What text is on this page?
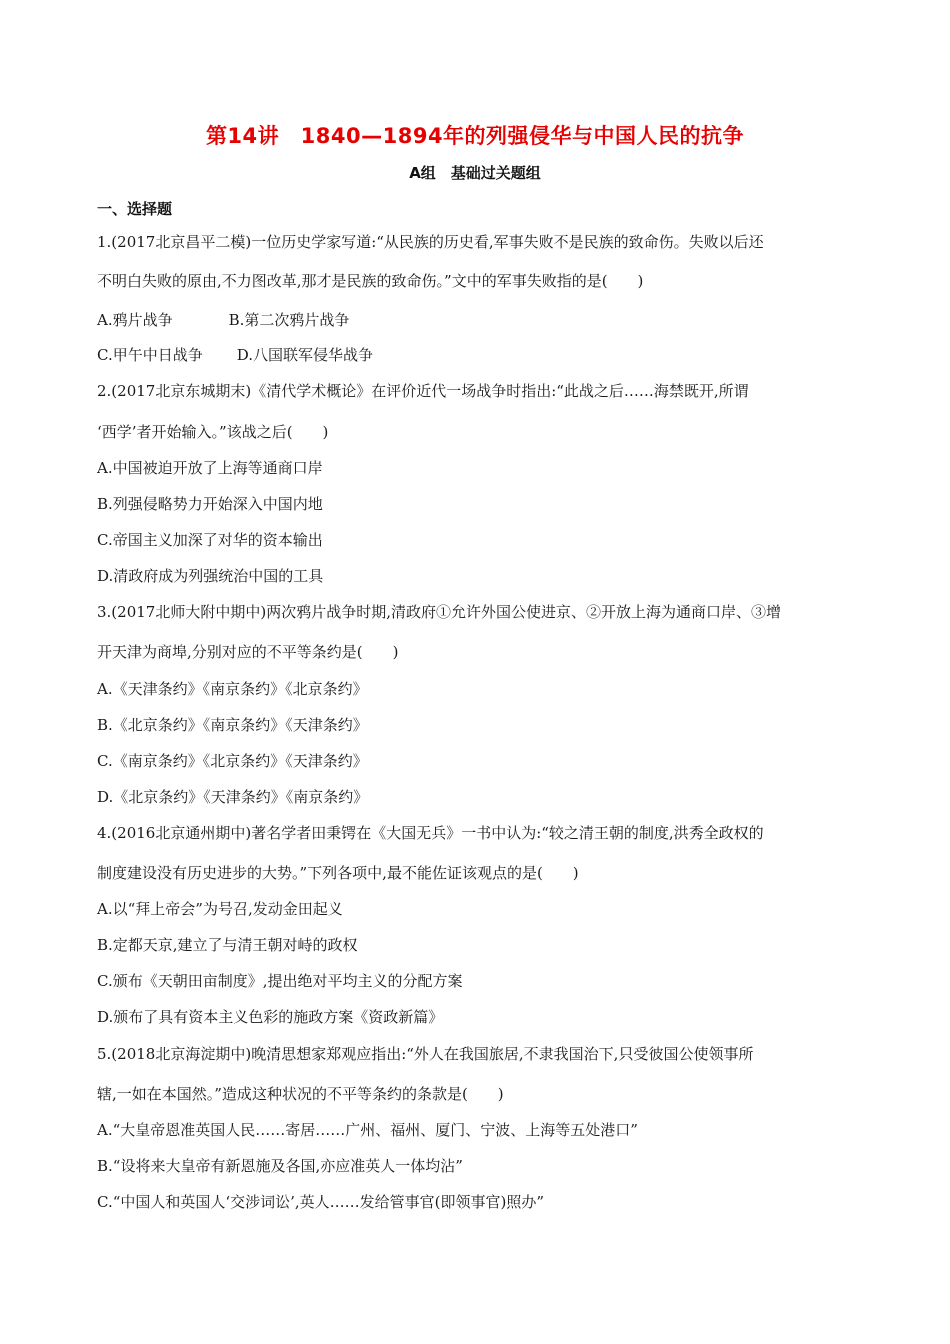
第14讲　1840—1894年的列强侵华与中国人民的抗争
A组　基础过关题组
一、选择题
1.(2017北京昌平二模)一位历史学家写道:“从民族的历史看,军事失败不是民族的致命伤。失败以后还
不明白失败的原由,不力图改革,那才是民族的致命伤。”文中的军事失败指的是(　　)
A.鸦片战争	B.第二次鸦片战争
C.甲午中日战争 D.八国联军侵华战争
2.(2017北京东城期末)《清代学术概论》在评价近代一场战争时指出:“此战之后……海禁既开,所谓
‘西学’者开始输入。”该战之后(　　)
A.中国被迫开放了上海等通商口岸
B.列强侵略势力开始深入中国内地
C.帝国主义加深了对华的资本输出
D.清政府成为列强统治中国的工具
3.(2017北师大附中期中)两次鸦片战争时期,清政府①允许外国公使进京、②开放上海为通商口岸、③增
开天津为商埠,分别对应的不平等条约是(　　)
A.《天津条约》《南京条约》《北京条约》
B.《北京条约》《南京条约》《天津条约》
C.《南京条约》《北京条约》《天津条约》
D.《北京条约》《天津条约》《南京条约》
4.(2016北京通州期中)著名学者田秉锷在《大国无兵》一书中认为:“较之清王朝的制度,洪秀全政权的
制度建设没有历史进步的大势。”下列各项中,最不能佐证该观点的是(　　)
A.以“拜上帝会”为号召,发动金田起义
B.定都天京,建立了与清王朝对峙的政权
C.颁布《天朝田亩制度》,提出绝对平均主义的分配方案
D.颁布了具有资本主义色彩的施政方案《资政新篇》
5.(2018北京海淀期中)晚清思想家郑观应指出:“外人在我国旅居,不隶我国治下,只受彼国公使领事所
辖,一如在本国然。”造成这种状况的不平等条约的条款是(　　)
A.“大皇帝恩准英国人民……寄居……广州、福州、厦门、宁波、上海等五处港口”
B.“设将来大皇帝有新恩施及各国,亦应准英人一体均沾”
C.“中国人和英国人‘交涉词讼’,英人……发给管事官(即领事官)照办”
